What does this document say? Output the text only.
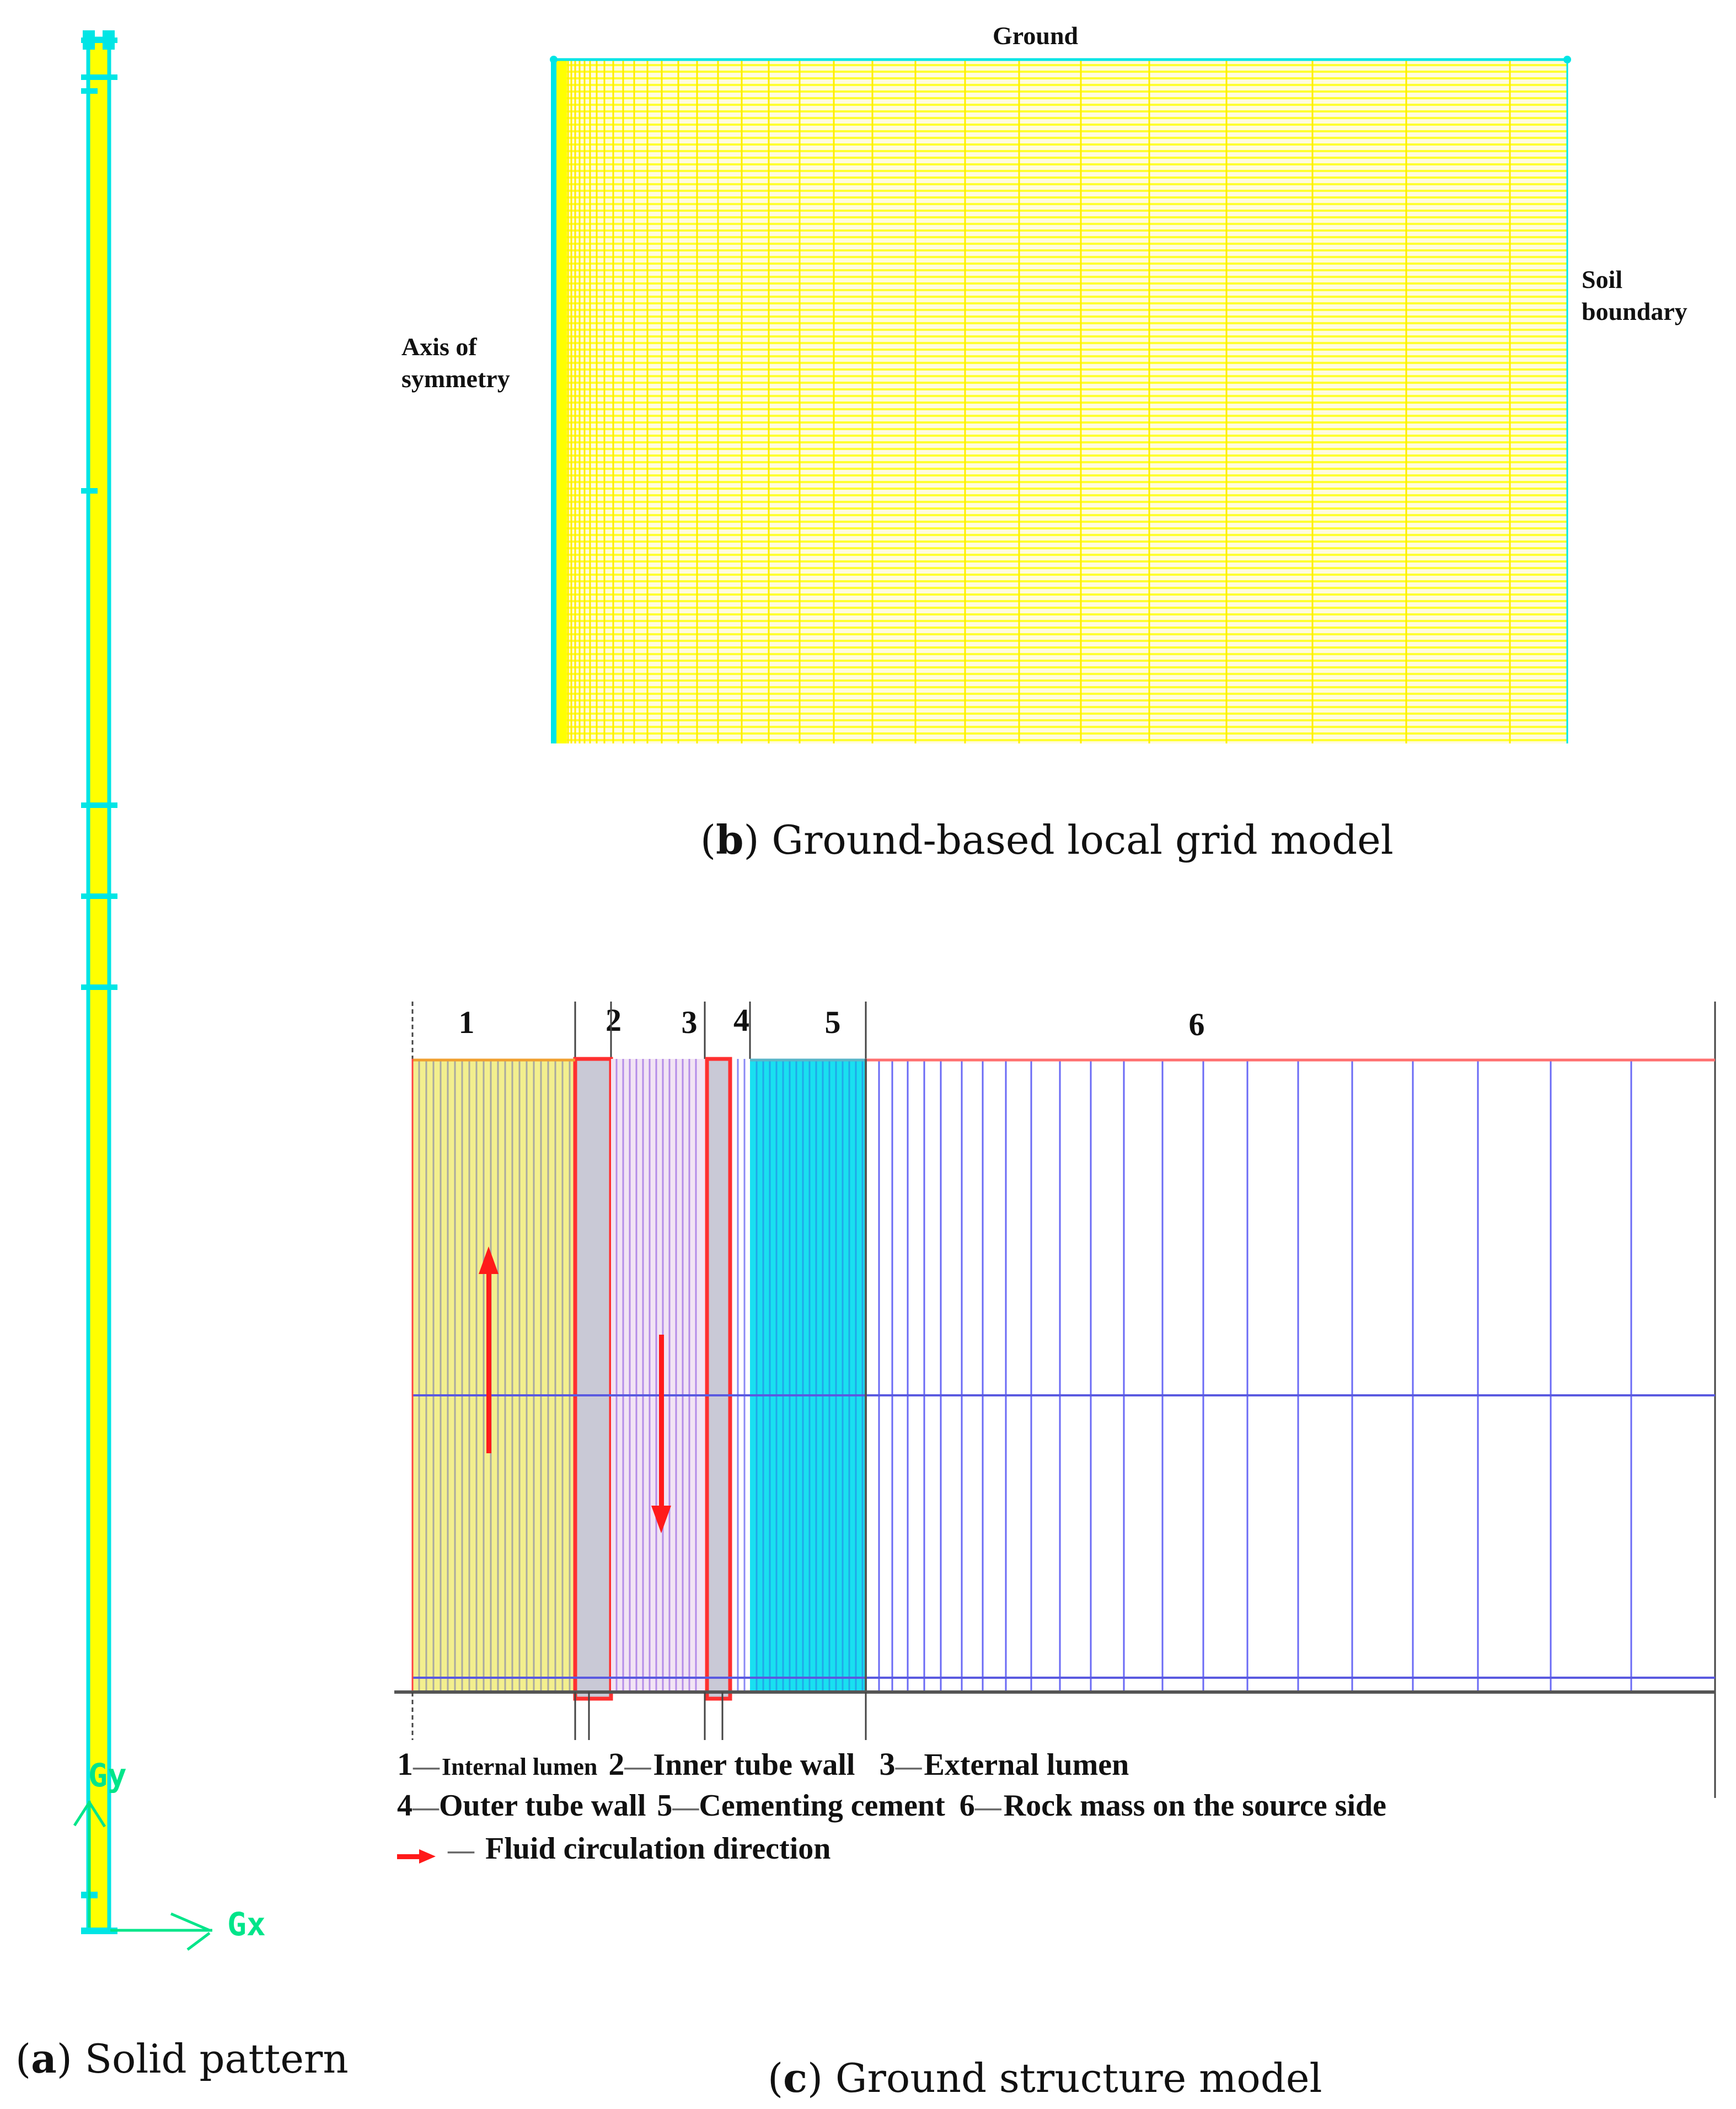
Gy
Gx
(a) Solid pattern
Ground
Axis of
symmetry
Soil
boundary
(b) Ground-based local grid model
1	2	3	4	5	6
1— Internal lumen 2— Inner tube wall 3— External lumen
4—Outer tube wall 5—Cementing cement 6— Rock mass on the source side
— Fluid circulation direction
(c) Ground structure model
